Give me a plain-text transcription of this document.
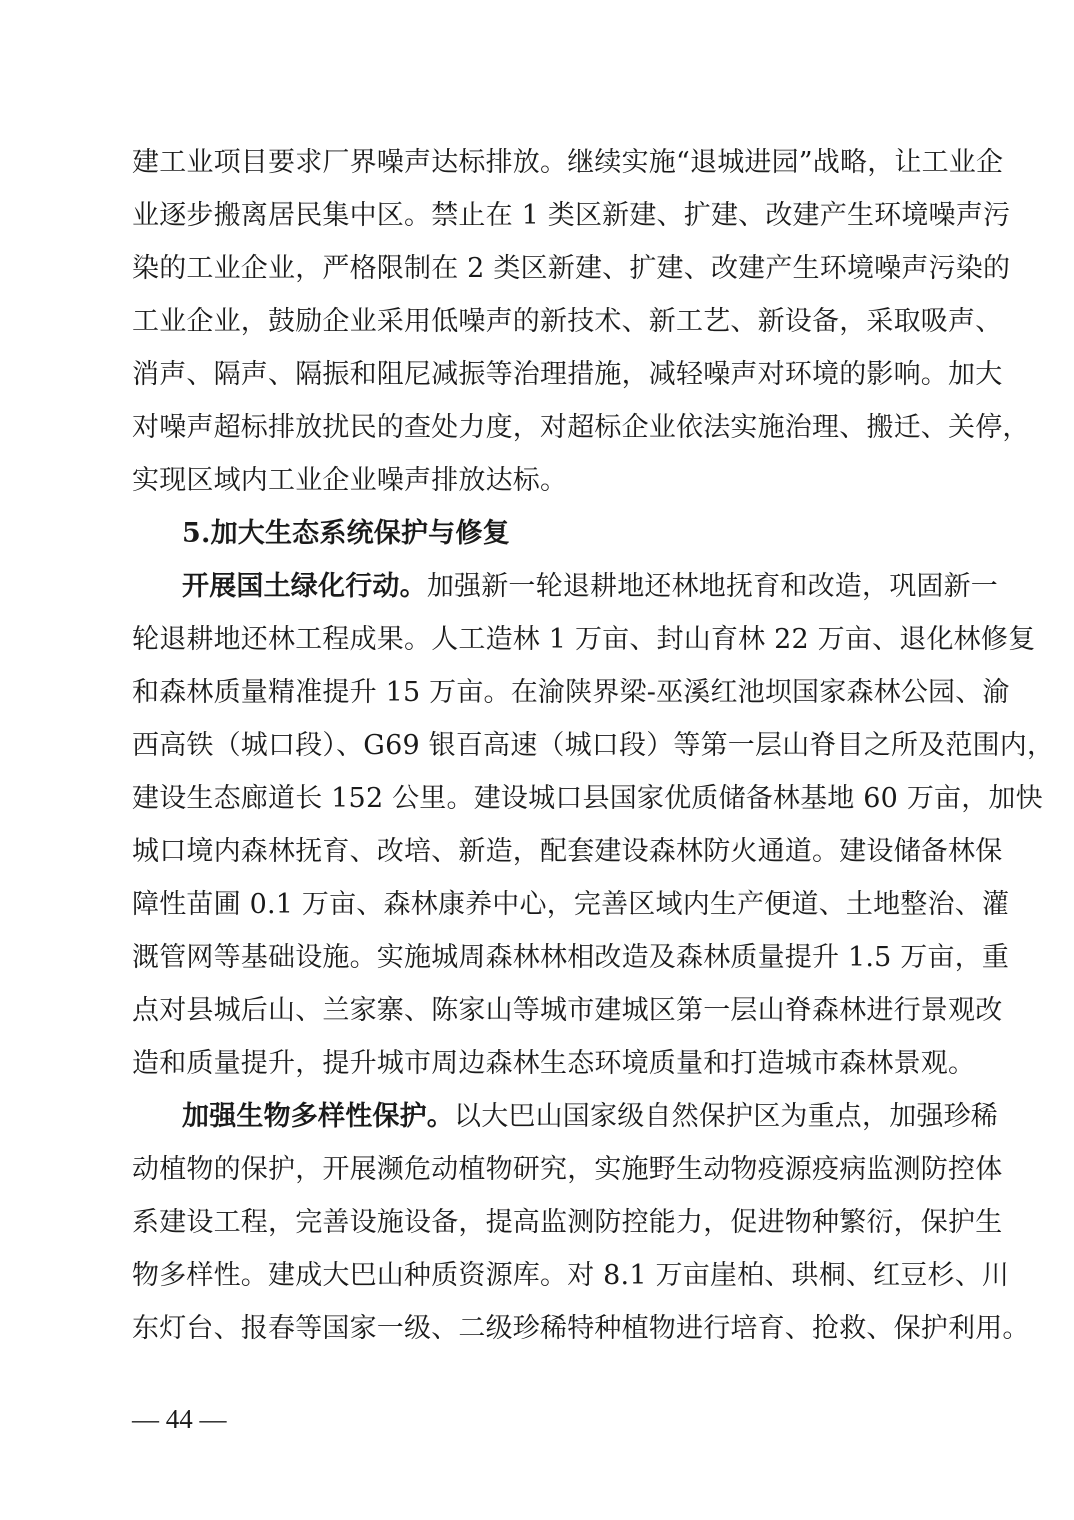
建工业项目要求厂界噪声达标排放。继续实施“退城进园”战略，让工业企
业逐步搬离居民集中区。禁止在 1 类区新建、扩建、改建产生环境噪声污
染的工业企业，严格限制在 2 类区新建、扩建、改建产生环境噪声污染的
工业企业，鼓励企业采用低噪声的新技术、新工艺、新设备，采取吸声、
消声、隔声、隔振和阻尼减振等治理措施，减轻噪声对环境的影响。加大
对噪声超标排放扰民的查处力度，对超标企业依法实施治理、搬迁、关停，
实现区域内工业企业噪声排放达标。
5.加大生态系统保护与修复
开展国土绿化行动。加强新一轮退耕地还林地抚育和改造，巩固新一
轮退耕地还林工程成果。人工造林 1 万亩、封山育林 22 万亩、退化林修复
和森林质量精准提升 15 万亩。在渝陕界梁-巫溪红池坝国家森林公园、渝
西高铁（城口段）、G69 银百高速（城口段）等第一层山脊目之所及范围内，
建设生态廊道长 152 公里。建设城口县国家优质储备林基地 60 万亩，加快
城口境内森林抚育、改培、新造，配套建设森林防火通道。建设储备林保
障性苗圃 0.1 万亩、森林康养中心，完善区域内生产便道、土地整治、灌
溉管网等基础设施。实施城周森林林相改造及森林质量提升 1.5 万亩，重
点对县城后山、兰家寨、陈家山等城市建城区第一层山脊森林进行景观改
造和质量提升，提升城市周边森林生态环境质量和打造城市森林景观。
加强生物多样性保护。以大巴山国家级自然保护区为重点，加强珍稀
动植物的保护，开展濒危动植物研究，实施野生动物疫源疫病监测防控体
系建设工程，完善设施设备，提高监测防控能力，促进物种繁衍，保护生
物多样性。建成大巴山种质资源库。对 8.1 万亩崖柏、珙桐、红豆杉、川
东灯台、报春等国家一级、二级珍稀特种植物进行培育、抢救、保护利用。
— 44 —
